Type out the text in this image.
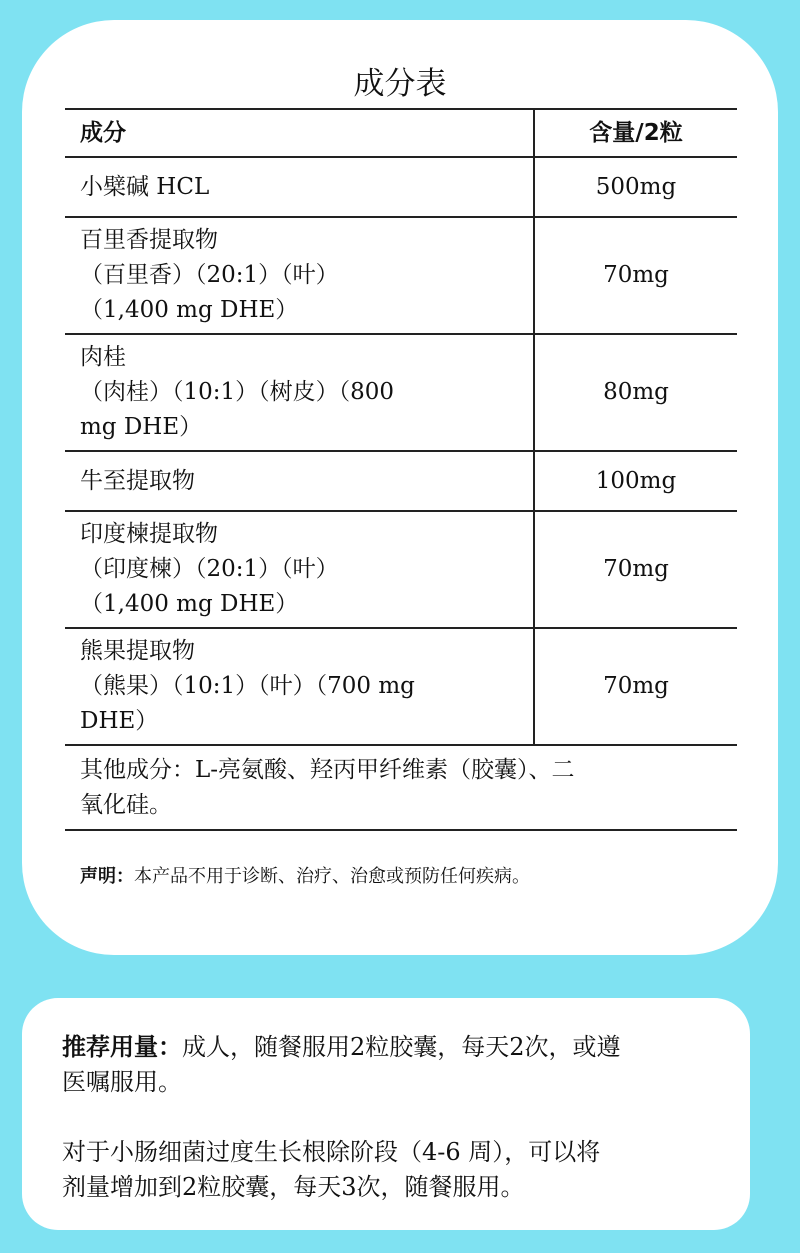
成分表
成分	含量/2粒
小檗碱 HCL	500mg

百里香提取物
（百里香）（20:1）（叶）
（1,400 mg DHE）	70mg

肉桂
（肉桂）（10:1）（树皮）（800
mg DHE）	80mg
牛至提取物	100mg

印度楝提取物
（印度楝）（20:1）（叶）
（1,400 mg DHE）	70mg

熊果提取物
（熊果）（10:1）（叶）（700 mg
DHE）	70mg

其他成分：L-亮氨酸、羟丙甲纤维素（胶囊）、二
氧化硅。	
声明：本产品不用于诊断、治疗、治愈或预防任何疾病。

推荐用量：成人，随餐服用2粒胶囊，每天2次，或遵
医嘱服用。

对于小肠细菌过度生长根除阶段（4-6 周），可以将
剂量增加到2粒胶囊，每天3次，随餐服用。
